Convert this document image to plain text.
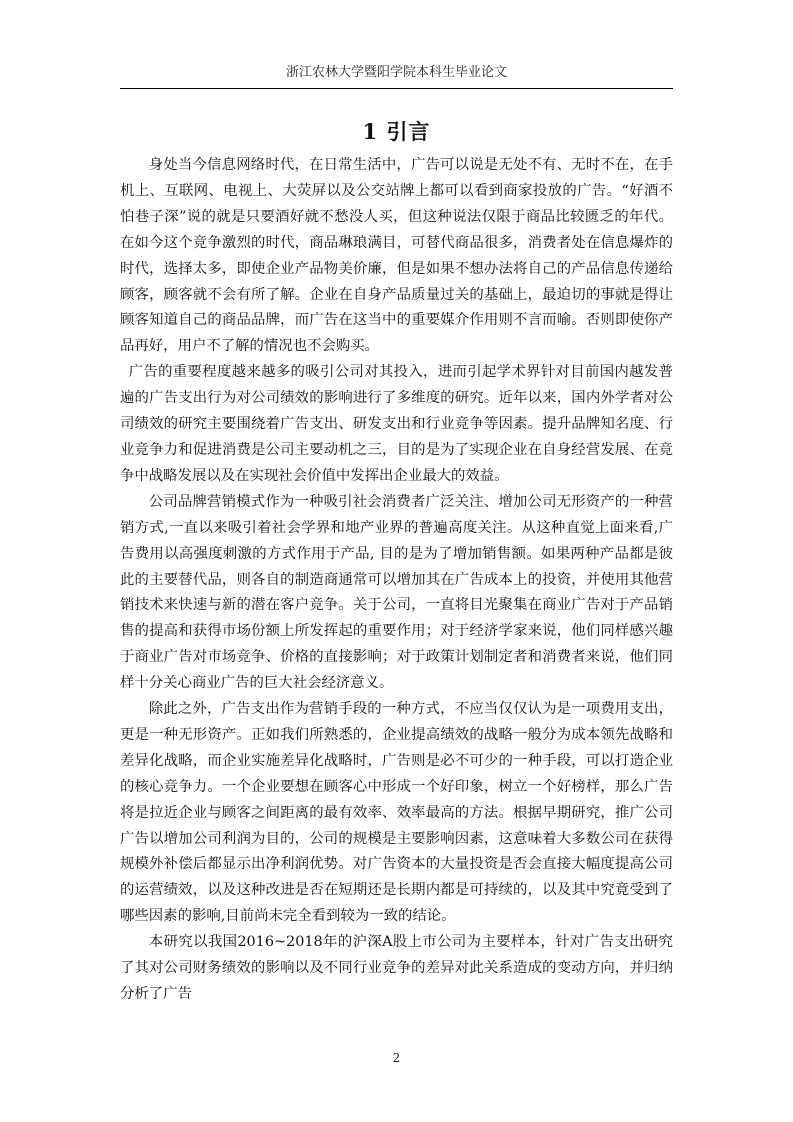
浙江农林大学暨阳学院本科生毕业论文
1 引言

身处当今信息网络时代，在日常生活中，广告可以说是无处不有、无时不在，在手机上、互联网、电视上、大荧屏以及公交站牌上都可以看到商家投放的广告。“好酒不怕巷子深”说的就是只要酒好就不愁没人买，但这种说法仅限于商品比较匮乏的年代。在如今这个竞争激烈的时代，商品琳琅满目，可替代商品很多，消费者处在信息爆炸的时代，选择太多，即使企业产品物美价廉，但是如果不想办法将自己的产品信息传递给顾客，顾客就不会有所了解。企业在自身产品质量过关的基础上，最迫切的事就是得让顾客知道自己的商品品牌，而广告在这当中的重要媒介作用则不言而喻。否则即使你产品再好，用户不了解的情况也不会购买。

广告的重要程度越来越多的吸引公司对其投入，进而引起学术界针对目前国内越发普遍的广告支出行为对公司绩效的影响进行了多维度的研究。近年以来，国内外学者对公司绩效的研究主要围绕着广告支出、研发支出和行业竞争等因素。提升品牌知名度、行业竞争力和促进消费是公司主要动机之三，目的是为了实现企业在自身经营发展、在竞争中战略发展以及在实现社会价值中发挥出企业最大的效益。

公司品牌营销模式作为一种吸引社会消费者广泛关注、增加公司无形资产的一种营销方式,一直以来吸引着社会学界和地产业界的普遍高度关注。从这种直觉上面来看,广告费用以高强度刺激的方式作用于产品, 目的是为了增加销售额。如果两种产品都是彼此的主要替代品，则各自的制造商通常可以增加其在广告成本上的投资，并使用其他营销技术来快速与新的潜在客户竞争。关于公司，一直将目光聚集在商业广告对于产品销售的提高和获得市场份额上所发挥起的重要作用；对于经济学家来说，他们同样感兴趣于商业广告对市场竞争、价格的直接影响；对于政策计划制定者和消费者来说，他们同样十分关心商业广告的巨大社会经济意义。

除此之外，广告支出作为营销手段的一种方式，不应当仅仅认为是一项费用支出，更是一种无形资产。正如我们所熟悉的，企业提高绩效的战略一般分为成本领先战略和差异化战略，而企业实施差异化战略时，广告则是必不可少的一种手段，可以打造企业的核心竞争力。一个企业要想在顾客心中形成一个好印象，树立一个好榜样，那么广告将是拉近企业与顾客之间距离的最有效率、效率最高的方法。根据早期研究，推广公司广告以增加公司利润为目的，公司的规模是主要影响因素，这意味着大多数公司在获得规模外补偿后都显示出净利润优势。对广告资本的大量投资是否会直接大幅度提高公司的运营绩效，以及这种改进是否在短期还是长期内都是可持续的，以及其中究竟受到了哪些因素的影响,目前尚未完全看到较为一致的结论。

本研究以我国2016~2018年的沪深A股上市公司为主要样本，针对广告支出研究了其对公司财务绩效的影响以及不同行业竞争的差异对此关系造成的变动方向，并归纳分析了广告

2
